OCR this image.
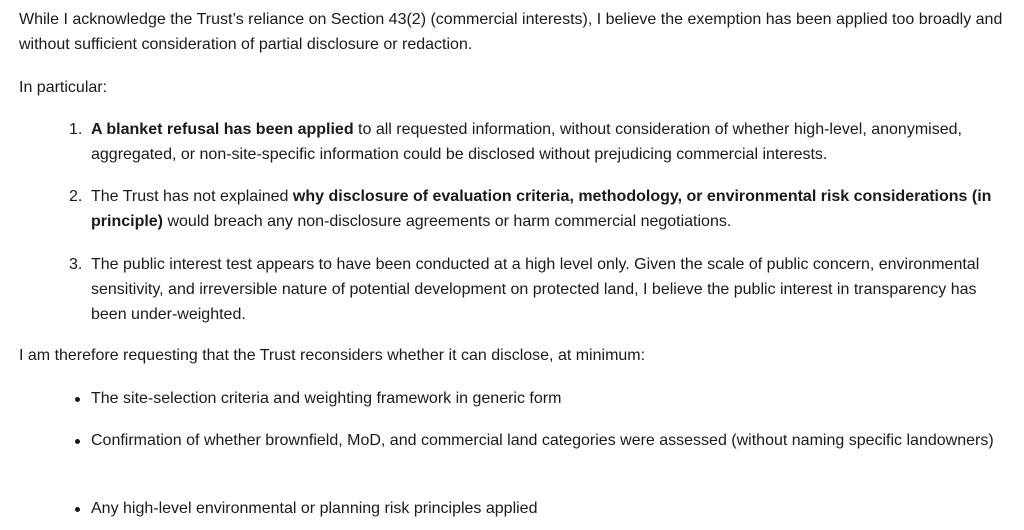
While I acknowledge the Trust’s reliance on Section 43(2) (commercial interests), I believe the exemption has been applied too broadly and without sufficient consideration of partial disclosure or redaction.

In particular:

1. A blanket refusal has been applied to all requested information, without consideration of whether high-level, anonymised, aggregated, or non-site-specific information could be disclosed without prejudicing commercial interests.
2. The Trust has not explained why disclosure of evaluation criteria, methodology, or environmental risk considerations (in principle) would breach any non-disclosure agreements or harm commercial negotiations.
3. The public interest test appears to have been conducted at a high level only. Given the scale of public concern, environmental sensitivity, and irreversible nature of potential development on protected land, I believe the public interest in transparency has been under-weighted.

I am therefore requesting that the Trust reconsiders whether it can disclose, at minimum:

The site-selection criteria and weighting framework in generic form
Confirmation of whether brownfield, MoD, and commercial land categories were assessed (without naming specific landowners)
Any high-level environmental or planning risk principles applied
